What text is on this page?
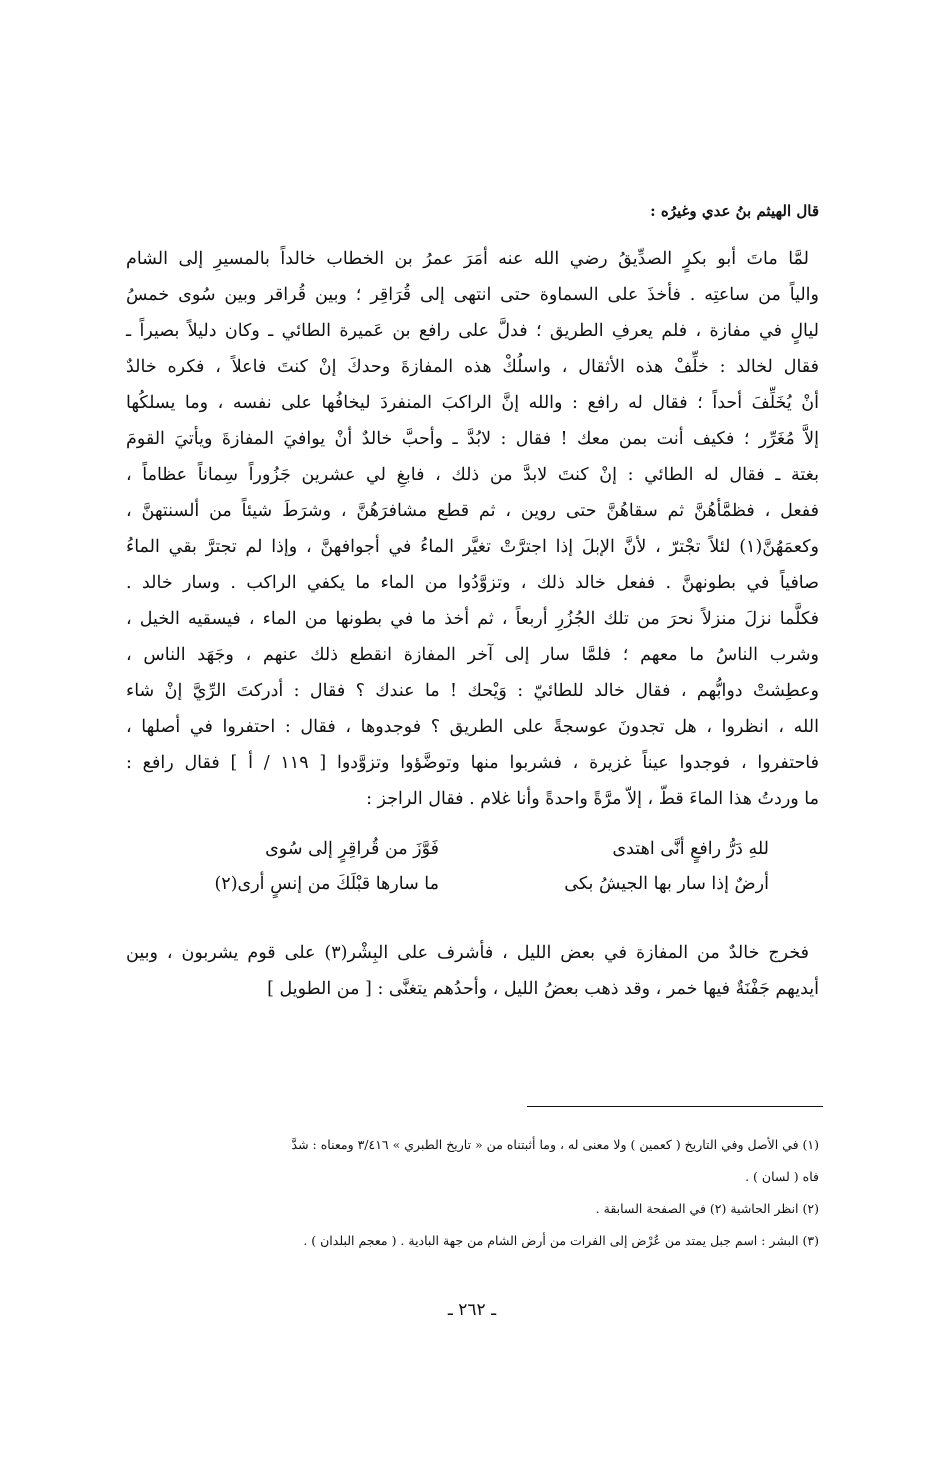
قال الهيثم بنُ عدي وغيرُه :
لمَّا ماتَ أبو بكرٍ الصدِّيقُ رضي الله عنه أمَرَ عمرُ بن الخطاب خالداً بالمسيرِ إلى الشام
والياً من ساعتِه . فأخذَ على السماوة حتى انتهى إلى قُرَاقِر ؛ وبين قُراقر وبين سُوى خمسُ
ليالٍ في مفازة ، فلم يعرفِ الطريق ؛ فدلَّ على رافع بن عَميرة الطائي ـ وكان دليلاً بصيراً ـ
فقال لخالد : خلِّفْ هذه الأثقال ، واسلُكْ هذه المفازةَ وحدكَ إنْ كنتَ فاعلاً ، فكره خالدٌ
أنْ يُخَلِّفَ أحداً ؛ فقال له رافع : والله إنَّ الراكبَ المنفردَ ليخافُها على نفسه ، وما يسلكُها
إلاَّ مُغَرِّر ؛ فكيف أنت بمن معك ! فقال : لابُدَّ ـ وأحبَّ خالدٌ أنْ يوافيَ المفازةَ ويأتيَ القومَ
بغتة ـ فقال له الطائي : إنْ كنتَ لابدَّ من ذلك ، فابغِ لي عشرين جَزُوراً سِماناً عظاماً ،
ففعل ، فظمَّأهُنَّ ثم سقاهُنَّ حتى روين ، ثم قطع مشافرَهُنَّ ، وشرَطَ شيئاً من ألسنتهنَّ ،
وكعمَهُنَّ(١) لئلاً تجْترّ ، لأنَّ الإبلَ إذا اجترَّتْ تغيَّر الماءُ في أجوافهنَّ ، وإذا لم تجترَّ بقي الماءُ
صافياً في بطونهنَّ . ففعل خالد ذلك ، وتزوَّدُوا من الماء ما يكفي الراكب . وسار خالد .
فكلَّما نزلَ منزلاً نحرَ من تلك الجُزُرِ أربعاً ، ثم أخذ ما في بطونها من الماء ، فيسقيه الخيل ،
وشرب الناسُ ما معهم ؛ فلمَّا سار إلى آخر المفازة انقطع ذلك عنهم ، وجَهَد الناس ،
وعطِشتْ دوابُّهم ، فقال خالد للطائيّ : وَيْحك ! ما عندك ؟ فقال : أدركتَ الرِّيَّ إنْ شاء
الله ، انظروا ، هل تجدونَ عوسجةً على الطريق ؟ فوجدوها ، فقال : احتفروا في أصلها ،
فاحتفروا ، فوجدوا عيناً غزيرة ، فشربوا منها وتوضَّؤوا وتزوَّدوا [ ١١٩ / أ ] فقال رافع :
ما وردتُ هذا الماءَ قطّ ، إلاّ مرَّةً واحدةً وأنا غلام . فقال الراجز :
للهِ دَرُّ رافعٍ أنَّى اهتدى
فَوَّزَ من قُراقِرٍ إلى سُوى
أرضٌ إذا سار بها الجيشُ بكى
ما سارها قبْلَكَ من إنسٍ أرى(٢)
فخرج خالدٌ من المفازة في بعض الليل ، فأشرف على البِشْر(٣) على قوم يشربون ، وبين
أيديهم جَفْنَةٌ فيها خمر ، وقد ذهب بعضُ الليل ، وأحدُهم يتغنَّى : [ من الطويل ]
(١) في الأصل وفي التاريخ ( كعمين ) ولا معنى له ، وما أثبتناه من « تاريخ الطبري » ٣/٤١٦ ومعناه : شدَّ
فاه ( لسان ) .
(٢) انظر الحاشية (٢) في الصفحة السابقة .
(٣) البشر : اسم جبل يمتد من عُرْض إلى الفرات من أرض الشام من جهة البادية . ( معجم البلدان ) .
ـ ٢٦٢ ـ
